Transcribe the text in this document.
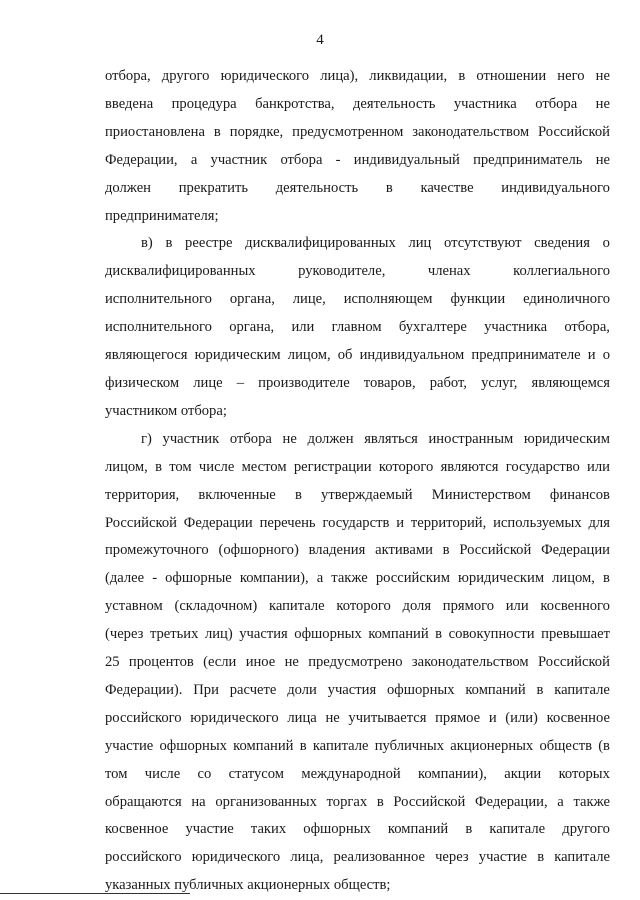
4
отбора, другого юридического лица), ликвидации, в отношении него не
введена процедура банкротства, деятельность участника отбора не
приостановлена в порядке, предусмотренном законодательством Российской
Федерации, а участник отбора - индивидуальный предприниматель не
должен прекратить деятельность в качестве индивидуального
предпринимателя;
в) в реестре дисквалифицированных лиц отсутствуют сведения о
дисквалифицированных	руководителе,	членах	коллегиального
исполнительного органа, лице, исполняющем функции единоличного
исполнительного органа, или главном бухгалтере участника отбора,
являющегося юридическим лицом, об индивидуальном предпринимателе и о
физическом лице – производителе товаров, работ, услуг, являющемся
участником отбора;
г) участник отбора не должен являться иностранным юридическим
лицом, в том числе местом регистрации которого являются государство или
территория, включенные в утверждаемый Министерством финансов
Российской Федерации перечень государств и территорий, используемых для
промежуточного (офшорного) владения активами в Российской Федерации
(далее - офшорные компании), а также российским юридическим лицом, в
уставном (складочном) капитале которого доля прямого или косвенного
(через третьих лиц) участия офшорных компаний в совокупности превышает
25 процентов (если иное не предусмотрено законодательством Российской
Федерации). При расчете доли участия офшорных компаний в капитале
российского юридического лица не учитывается прямое и (или) косвенное
участие офшорных компаний в капитале публичных акционерных обществ (в
том числе со статусом международной компании), акции которых
обращаются на организованных торгах в Российской Федерации, а также
косвенное участие таких офшорных компаний в капитале другого
российского юридического лица, реализованное через участие в капитале
указанных публичных акционерных обществ;
